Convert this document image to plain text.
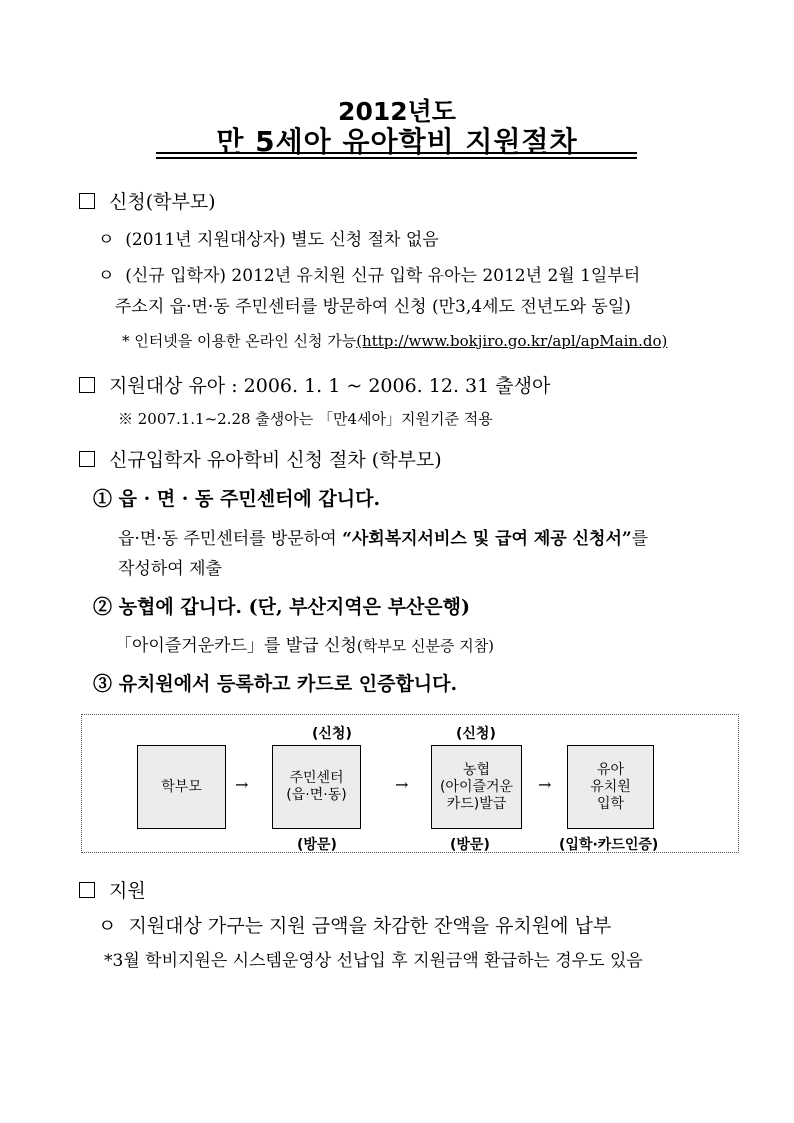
2012년도
만 5세아 유아학비 지원절차
신청(학부모)
ㅇ (2011년 지원대상자) 별도 신청 절차 없음
ㅇ (신규 입학자) 2012년 유치원 신규 입학 유아는 2012년 2월 1일부터
주소지 읍·면·동 주민센터를 방문하여 신청 (만3,4세도 전년도와 동일)
* 인터넷을 이용한 온라인 신청 가능(http://www.bokjiro.go.kr/apl/apMain.do)
지원대상 유아 : 2006. 1. 1 ~ 2006. 12. 31 출생아
※ 2007.1.1~2.28 출생아는 「만4세아」지원기준 적용
신규입학자 유아학비 신청 절차 (학부모)
① 읍 · 면 · 동 주민센터에 갑니다.
읍·면·동 주민센터를 방문하여 “사회복지서비스 및 급여 제공 신청서”를
작성하여 제출
② 농협에 갑니다. (단, 부산지역은 부산은행)
「아이즐거운카드」를 발급 신청(학부모 신분증 지참)
③ 유치원에서 등록하고 카드로 인증합니다.
(신청)	(신청)
학부모	→	주민센터
(읍·면·동)
→
농협
(아이즐거운
카드)발급
→
유아
유치원
입학
(방문)	(방문)	(입학·카드인증)
지원
ㅇ 지원대상 가구는 지원 금액을 차감한 잔액을 유치원에 납부
*3월 학비지원은 시스템운영상 선납입 후 지원금액 환급하는 경우도 있음
